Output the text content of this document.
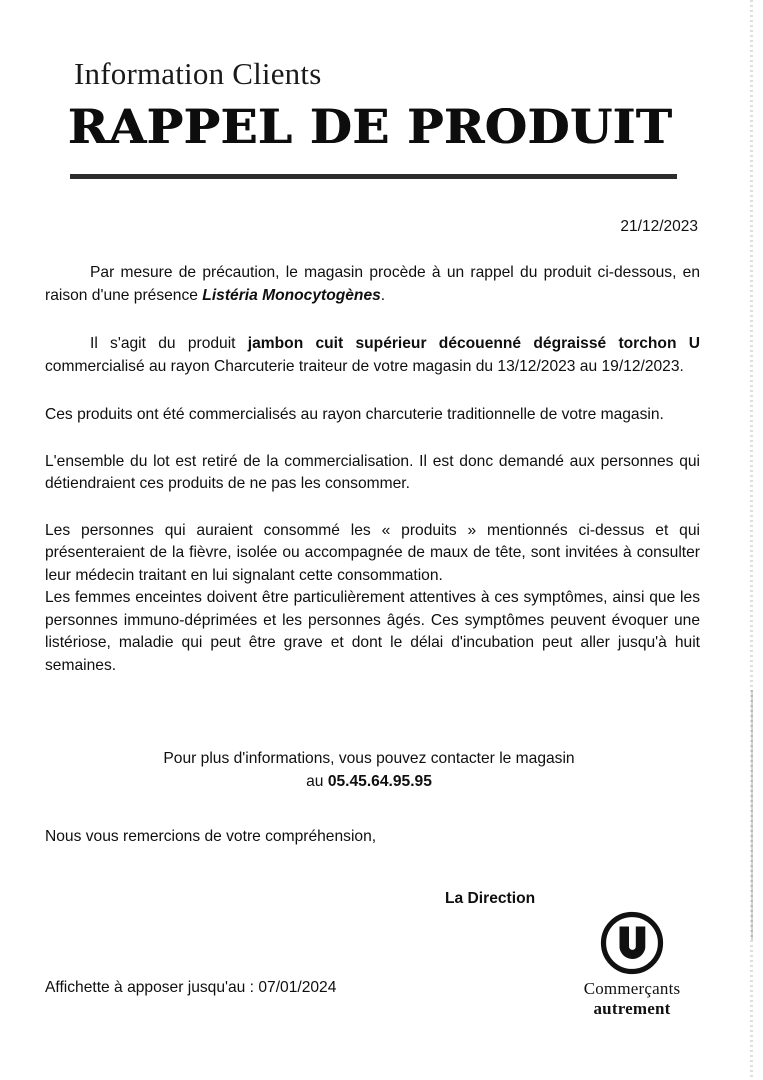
Information Clients
RAPPEL DE PRODUIT
21/12/2023

Par mesure de précaution, le magasin procède à un rappel du produit ci-dessous, en raison d'une présence Listéria Monocytogènes.

Il s'agit du produit jambon cuit supérieur découenné dégraissé torchon U commercialisé au rayon Charcuterie traiteur de votre magasin du 13/12/2023 au 19/12/2023.

Ces produits ont été commercialisés au rayon charcuterie traditionnelle de votre magasin.

L'ensemble du lot est retiré de la commercialisation. Il est donc demandé aux personnes qui détiendraient ces produits de ne pas les consommer.

Les personnes qui auraient consommé les « produits » mentionnés ci-dessus et qui présenteraient de la fièvre, isolée ou accompagnée de maux de tête, sont invitées à consulter leur médecin traitant en lui signalant cette consommation.

Les femmes enceintes doivent être particulièrement attentives à ces symptômes, ainsi que les personnes immuno-déprimées et les personnes âgés. Ces symptômes peuvent évoquer une listériose, maladie qui peut être grave et dont le délai d'incubation peut aller jusqu'à huit semaines.

Pour plus d'informations, vous pouvez contacter le magasin
au 05.45.64.95.95
Nous vous remercions de votre compréhension,
La Direction
Affichette à apposer jusqu'au : 07/01/2024	Commerçants
autrement
